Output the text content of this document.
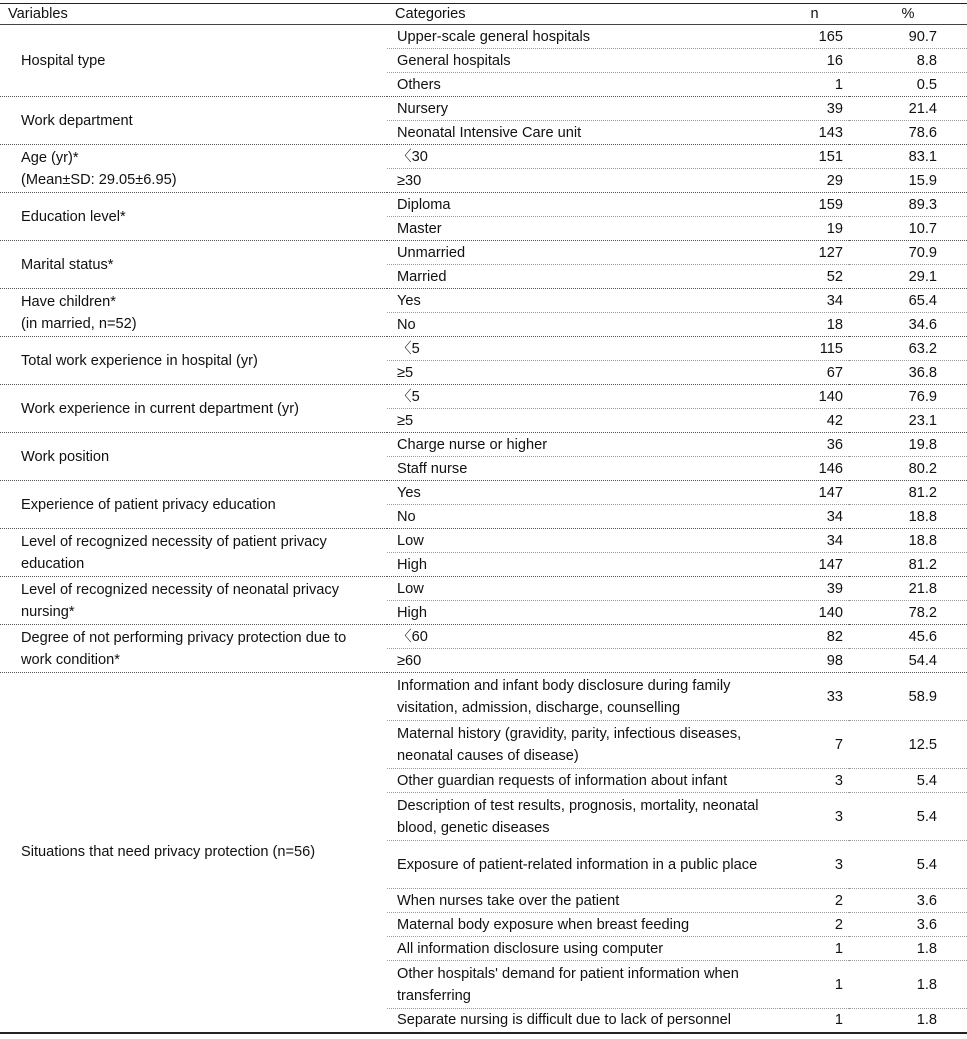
Variables	Categories	n	%
Hospital type	Upper-scale general hospitals	165	90.7
	General hospitals	16	8.8
	Others	1	0.5
Work department	Nursery	39	21.4
	Neonatal Intensive Care unit	143	78.6
Age (yr)*
(Mean±SD: 29.05±6.95)	〈30	151	83.1
	≥30	29	15.9
Education level*	Diploma	159	89.3
	Master	19	10.7
Marital status*	Unmarried	127	70.9
	Married	52	29.1
Have children*
(in married, n=52)	Yes	34	65.4
	No	18	34.6
Total work experience in hospital (yr)	〈5	115	63.2
	≥5	67	36.8
Work experience in current department (yr)	〈5	140	76.9
	≥5	42	23.1
Work position	Charge nurse or higher	36	19.8
	Staff nurse	146	80.2
Experience of patient privacy education	Yes	147	81.2
	No	34	18.8
Level of recognized necessity of patient privacy education	Low	34	18.8
	High	147	81.2
Level of recognized necessity of neonatal privacy nursing*	Low	39	21.8
	High	140	78.2
Degree of not performing privacy protection due to work condition*	〈60	82	45.6
	≥60	98	54.4
Situations that need privacy protection (n=56)	Information and infant body disclosure during family visitation, admission, discharge, counselling	33	58.9
	Maternal history (gravidity, parity, infectious diseases, neonatal causes of disease)	7	12.5
	Other guardian requests of information about infant	3	5.4
	Description of test results, prognosis, mortality, neonatal blood, genetic diseases	3	5.4
	Exposure of patient-related information in a public place	3	5.4
	When nurses take over the patient	2	3.6
	Maternal body exposure when breast feeding	2	3.6
	All information disclosure using computer	1	1.8
	Other hospitals' demand for patient information when transferring	1	1.8
	Separate nursing is difficult due to lack of personnel	1	1.8
